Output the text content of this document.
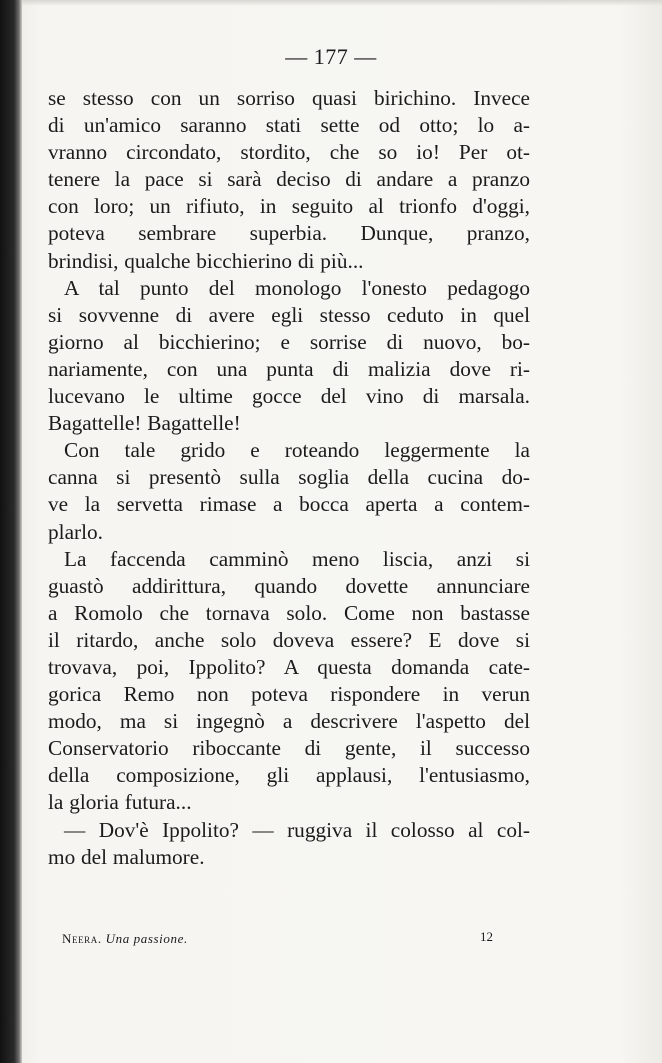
— 177 —
se stesso con un sorriso quasi birichino. Invece
di un'amico saranno stati sette od otto; lo a-
vranno circondato, stordito, che so io! Per ot-
tenere la pace si sarà deciso di andare a pranzo
con loro; un rifiuto, in seguito al trionfo d'oggi,
poteva sembrare superbia. Dunque, pranzo,
brindisi, qualche bicchierino di più...
A tal punto del monologo l'onesto pedagogo
si sovvenne di avere egli stesso ceduto in quel
giorno al bicchierino; e sorrise di nuovo, bo-
nariamente, con una punta di malizia dove ri-
lucevano le ultime gocce del vino di marsala.
Bagattelle! Bagattelle!
Con tale grido e roteando leggermente la
canna si presentò sulla soglia della cucina do-
ve la servetta rimase a bocca aperta a contem-
plarlo.
La faccenda camminò meno liscia, anzi si
guastò addirittura, quando dovette annunciare
a Romolo che tornava solo. Come non bastasse
il ritardo, anche solo doveva essere? E dove si
trovava, poi, Ippolito? A questa domanda cate-
gorica Remo non poteva rispondere in verun
modo, ma si ingegnò a descrivere l'aspetto del
Conservatorio riboccante di gente, il successo
della composizione, gli applausi, l'entusiasmo,
la gloria futura...
— Dov'è Ippolito? — ruggiva il colosso al col-
mo del malumore.
Neera. Una passione.	12
